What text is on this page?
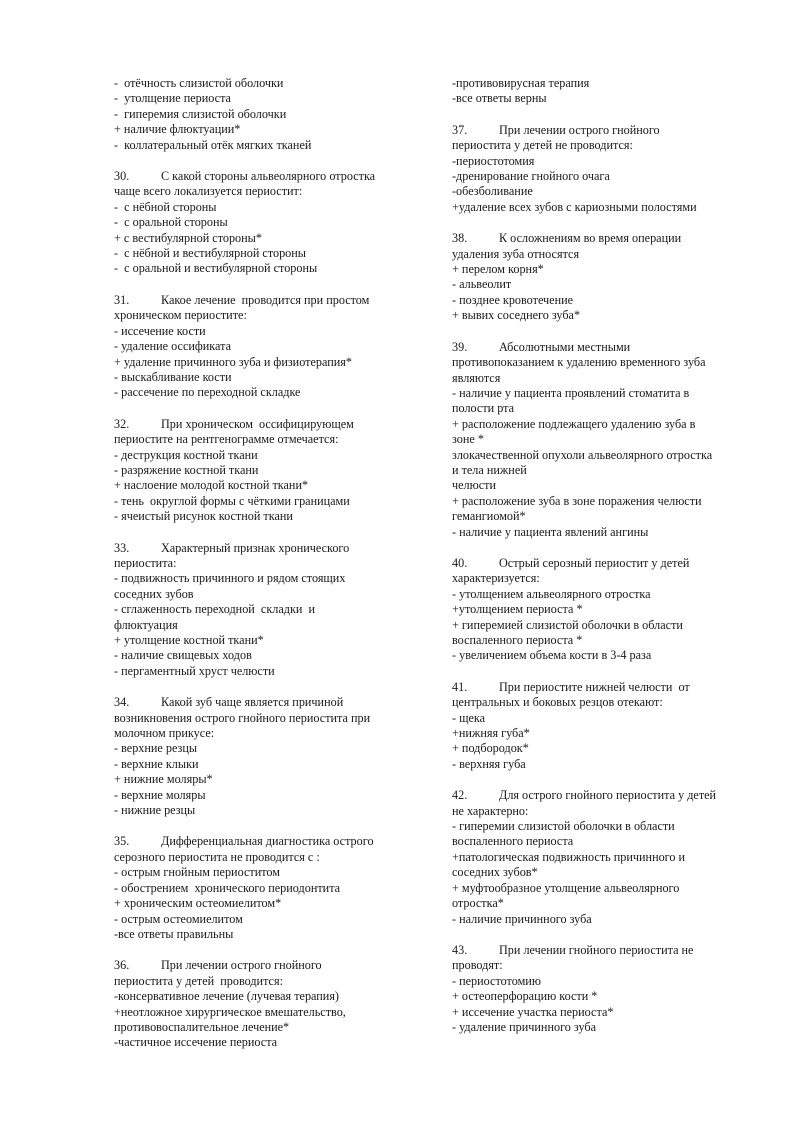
-  отёчность слизистой оболочки
-  утолщение периоста
-  гиперемия слизистой оболочки
+ наличие флюктуации*
-  коллатеральный отёк мягких тканей
30.	С какой стороны альвеолярного отростка
чаще всего локализуется периостит:
-  с нёбной стороны
-  с оральной стороны
+ с вестибулярной стороны*
-  с нёбной и вестибулярной стороны
-  с оральной и вестибулярной стороны
31.	Какое лечение  проводится при простом
хроническом периостите:
- иссечение кости
- удаление оссификата
+ удаление причинного зуба и физиотерапия*
- выскабливание кости
- рассечение по переходной складке
32.	При хроническом  оссифицирующем
периостите на рентгенограмме отмечается:
- деструкция костной ткани
- разряжение костной ткани
+ наслоение молодой костной ткани*
- тень  округлой формы с чёткими границами
- ячеистый рисунок костной ткани
33.	Характерный признак хронического
периостита:
- подвижность причинного и рядом стоящих
соседних зубов
- сглаженность переходной  складки  и
флюктуация
+ утолщение костной ткани*
- наличие свищевых ходов
- пергаментный хруст челюсти
34.	Какой зуб чаще является причиной
возникновения острого гнойного периостита при
молочном прикусе:
- верхние резцы
- верхние клыки
+ нижние моляры*
- верхние моляры
- нижние резцы
35.	Дифференциальная диагностика острого
серозного периостита не проводится с :
- острым гнойным периоститом
- обострением  хронического периодонтита
+ хроническим остеомиелитом*
- острым остеомиелитом
-все ответы правильны
36.	При лечении острого гнойного
периостита у детей  проводится:
-консервативное лечение (лучевая терапия)
+неотложное хирургическое вмешательство,
противовоспалительное лечение*
-частичное иссечение периоста
-противовирусная терапия
-все ответы верны
37.	При лечении острого гнойного
периостита у детей не проводится:
-периостотомия
-дренирование гнойного очага
-обезболивание
+удаление всех зубов с кариозными полостями
38.	К осложнениям во время операции
удаления зуба относятся
+ перелом корня*
- альвеолит
- позднее кровотечение
+ вывих соседнего зуба*
39.	Абсолютными местными
противопоказанием к удалению временного зуба
являются
- наличие у пациента проявлений стоматита в
полости рта
+ расположение подлежащего удалению зуба в
зоне *
злокачественной опухоли альвеолярного отростка
и тела нижней
челюсти
+ расположение зуба в зоне поражения челюсти
гемангиомой*
- наличие у пациента явлений ангины
40.	Острый серозный периостит у детей
характеризуется:
- утолщением альвеолярного отростка
+утолщением периоста *
+ гиперемией слизистой оболочки в области
воспаленного периоста *
- увеличением объема кости в 3-4 раза
41.	При периостите нижней челюсти  от
центральных и боковых резцов отекают:
- щека
+нижняя губа*
+ подбородок*
- верхняя губа
42.	Для острого гнойного периостита у детей
не характерно:
- гиперемии слизистой оболочки в области
воспаленного периоста
+патологическая подвижность причинного и
соседних зубов*
+ муфтообразное утолщение альвеолярного
отростка*
- наличие причинного зуба
43.	При лечении гнойного периостита не
проводят:
- периостотомию
+ остеоперфорацию кости *
+ иссечение участка периоста*
- удаление причинного зуба
